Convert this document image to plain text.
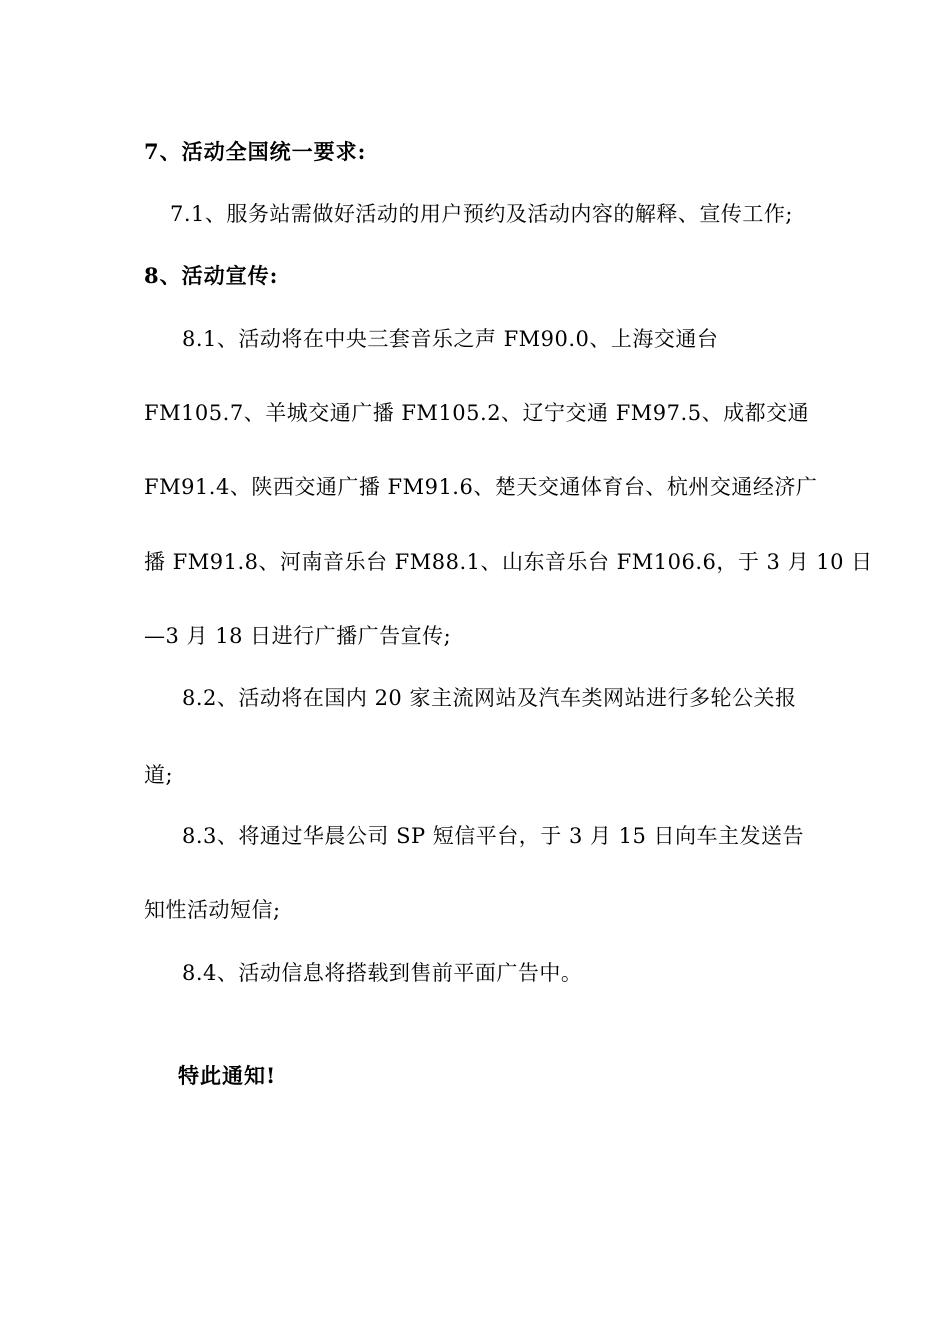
7、活动全国统一要求:
7.1、服务站需做好活动的用户预约及活动内容的解释、宣传工作;
8、活动宣传:
8.1、活动将在中央三套音乐之声 FM90.0、上海交通台
FM105.7、羊城交通广播 FM105.2、辽宁交通 FM97.5、成都交通
FM91.4、陕西交通广播 FM91.6、楚天交通体育台、杭州交通经济广
播 FM91.8、河南音乐台 FM88.1、山东音乐台 FM106.6，于 3 月 10 日
—3 月 18 日进行广播广告宣传;
8.2、活动将在国内 20 家主流网站及汽车类网站进行多轮公关报
道;
8.3、将通过华晨公司 SP 短信平台，于 3 月 15 日向车主发送告
知性活动短信;
8.4、活动信息将搭载到售前平面广告中。
特此通知!
